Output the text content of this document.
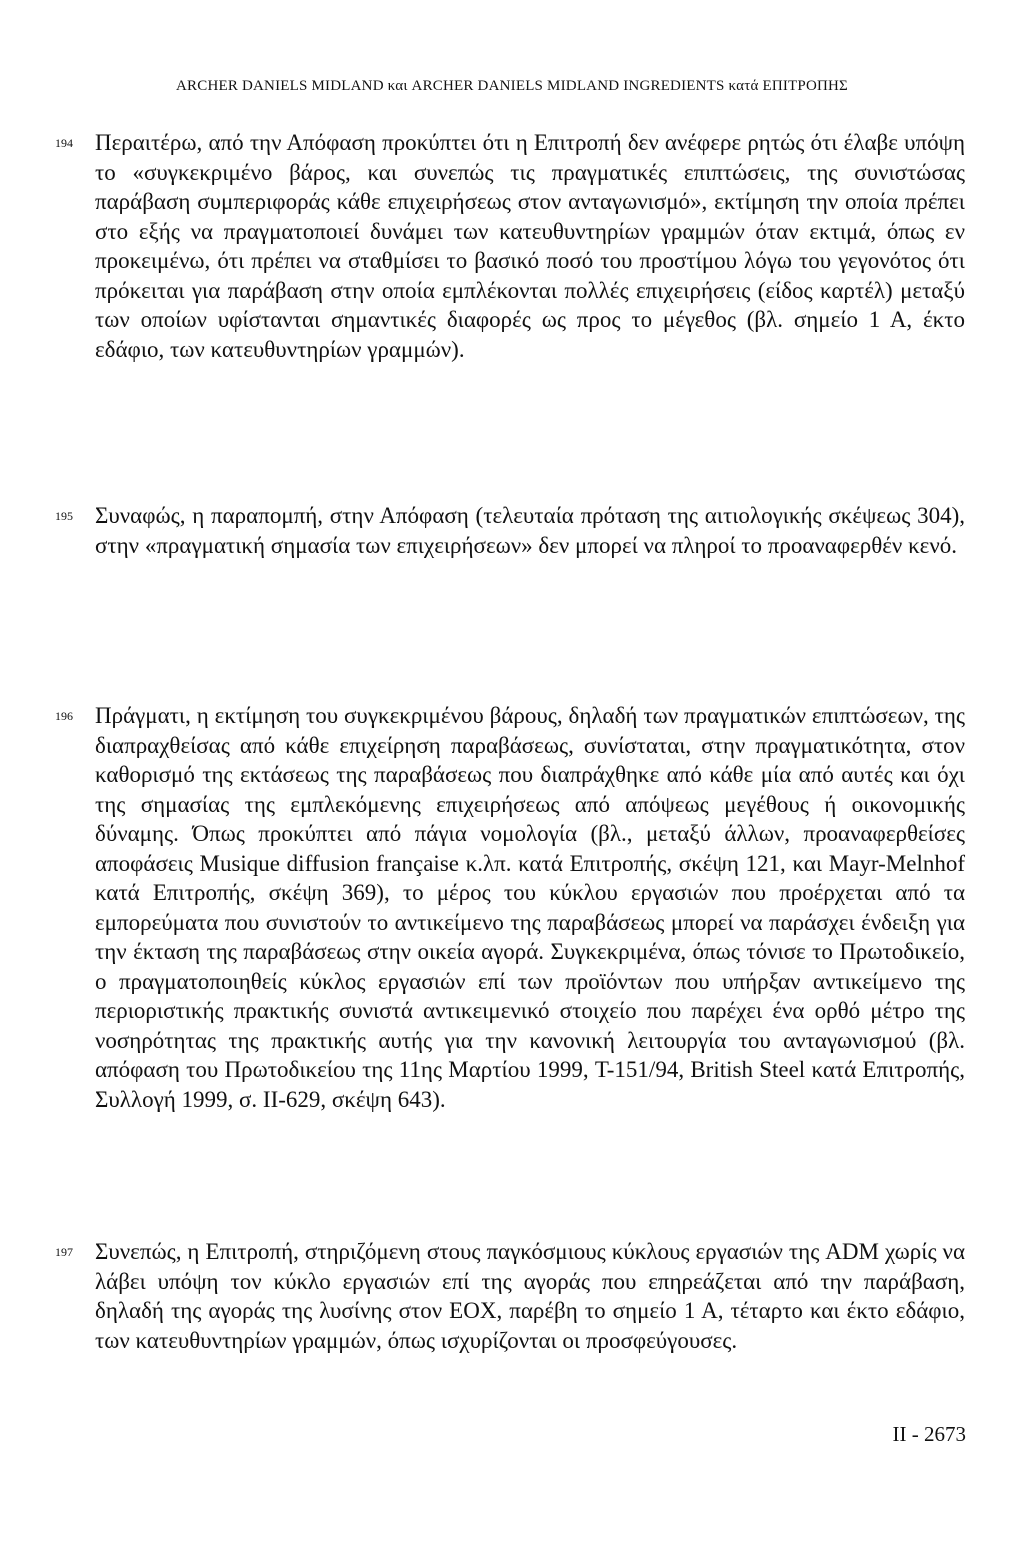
ARCHER DANIELS MIDLAND και ARCHER DANIELS MIDLAND INGREDIENTS κατά ΕΠΙΤΡΟΠΗΣ
194 Περαιτέρω, από την Απόφαση προκύπτει ότι η Επιτροπή δεν ανέφερε ρητώς ότι έλαβε υπόψη το «συγκεκριμένο βάρος, και συνεπώς τις πραγματικές επιπτώσεις, της συνιστώσας παράβαση συμπεριφοράς κάθε επιχειρήσεως στον ανταγωνισμό», εκτίμηση την οποία πρέπει στο εξής να πραγματοποιεί δυνάμει των κατευθυντηρίων γραμμών όταν εκτιμά, όπως εν προκειμένω, ότι πρέπει να σταθμίσει το βασικό ποσό του προστίμου λόγω του γεγονότος ότι πρόκειται για παράβαση στην οποία εμπλέκονται πολλές επιχειρήσεις (είδος καρτέλ) μεταξύ των οποίων υφίστανται σημαντικές διαφορές ως προς το μέγεθος (βλ. σημείο 1 Α, έκτο εδάφιο, των κατευθυντηρίων γραμμών).

195 Συναφώς, η παραπομπή, στην Απόφαση (τελευταία πρόταση της αιτιολογικής σκέψεως 304), στην «πραγματική σημασία των επιχειρήσεων» δεν μπορεί να πληροί το προαναφερθέν κενό.

196 Πράγματι, η εκτίμηση του συγκεκριμένου βάρους, δηλαδή των πραγματικών επιπτώσεων, της διαπραχθείσας από κάθε επιχείρηση παραβάσεως, συνίσταται, στην πραγματικότητα, στον καθορισμό της εκτάσεως της παραβάσεως που διαπράχθηκε από κάθε μία από αυτές και όχι της σημασίας της εμπλεκόμενης επιχειρήσεως από απόψεως μεγέθους ή οικονομικής δύναμης. Όπως προκύπτει από πάγια νομολογία (βλ., μεταξύ άλλων, προαναφερθείσες αποφάσεις Musique diffusion française κ.λπ. κατά Επιτροπής, σκέψη 121, και Mayr-Melnhof κατά Επιτροπής, σκέψη 369), το μέρος του κύκλου εργασιών που προέρχεται από τα εμπορεύματα που συνιστούν το αντικείμενο της παραβάσεως μπορεί να παράσχει ένδειξη για την έκταση της παραβάσεως στην οικεία αγορά. Συγκεκριμένα, όπως τόνισε το Πρωτοδικείο, ο πραγματοποιηθείς κύκλος εργασιών επί των προϊόντων που υπήρξαν αντικείμενο της περιοριστικής πρακτικής συνιστά αντικειμενικό στοιχείο που παρέχει ένα ορθό μέτρο της νοσηρότητας της πρακτικής αυτής για την κανονική λειτουργία του ανταγωνισμού (βλ. απόφαση του Πρωτοδικείου της 11ης Μαρτίου 1999, T-151/94, British Steel κατά Επιτροπής, Συλλογή 1999, σ. II-629, σκέψη 643).

197 Συνεπώς, η Επιτροπή, στηριζόμενη στους παγκόσμιους κύκλους εργασιών της ADM χωρίς να λάβει υπόψη τον κύκλο εργασιών επί της αγοράς που επηρεάζεται από την παράβαση, δηλαδή της αγοράς της λυσίνης στον ΕΟΧ, παρέβη το σημείο 1 Α, τέταρτο και έκτο εδάφιο, των κατευθυντηρίων γραμμών, όπως ισχυρίζονται οι προσφεύγουσες.

II - 2673
